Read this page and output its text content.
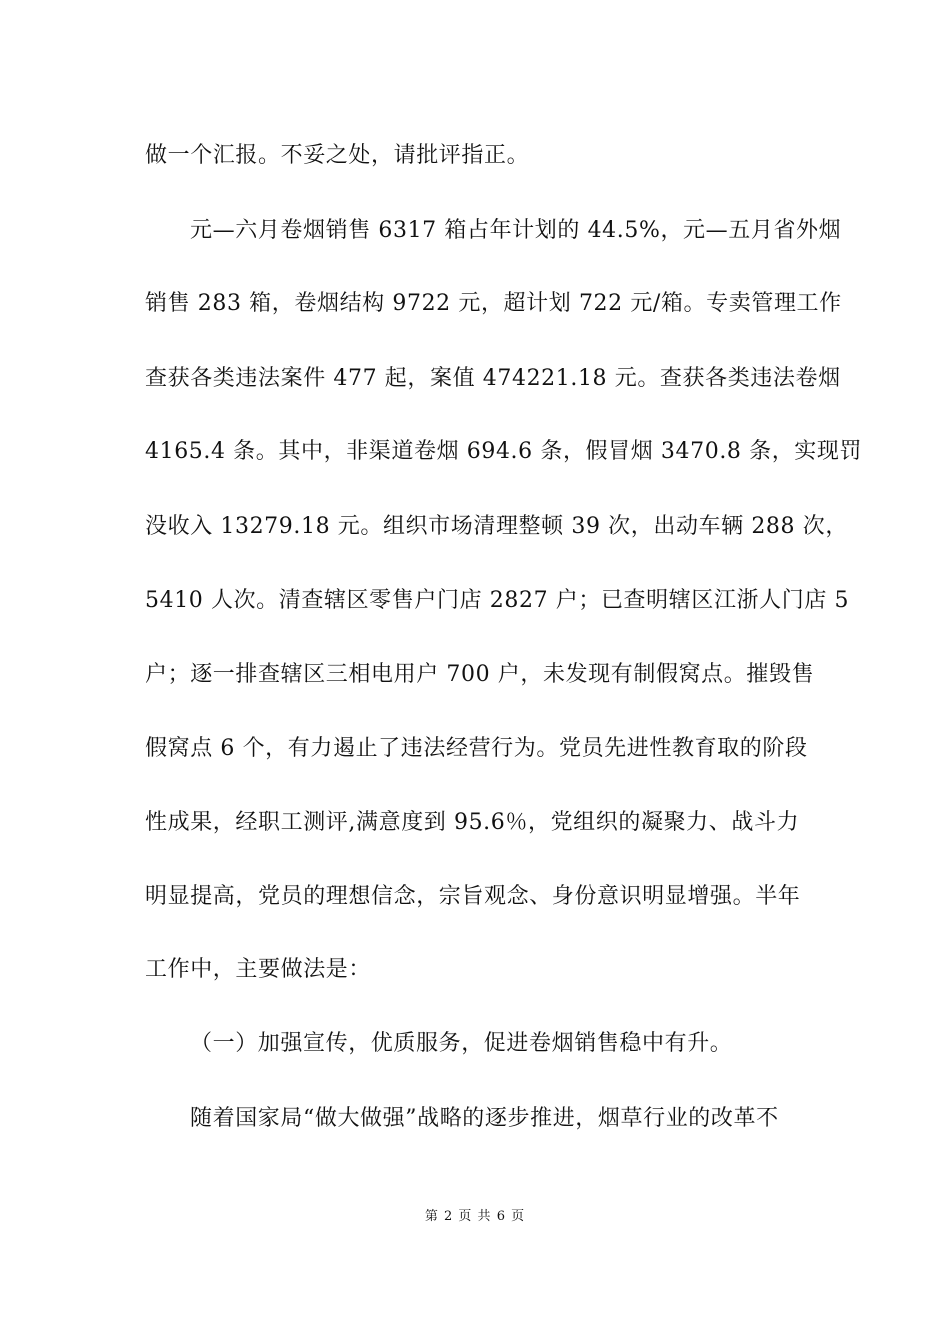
做一个汇报。不妥之处，请批评指正。
元—六月卷烟销售 6317 箱占年计划的 44.5%，元—五月省外烟
销售 283 箱，卷烟结构 9722 元，超计划 722 元/箱。专卖管理工作
查获各类违法案件 477 起，案值 474221.18 元。查获各类违法卷烟
4165.4 条。其中，非渠道卷烟 694.6 条，假冒烟 3470.8 条，实现罚
没收入 13279.18 元。组织市场清理整顿 39 次，出动车辆 288 次，
5410 人次。清查辖区零售户门店 2827 户；已查明辖区江浙人门店 5
户；逐一排查辖区三相电用户 700 户，未发现有制假窝点。摧毁售
假窝点 6 个，有力遏止了违法经营行为。党员先进性教育取的阶段
性成果，经职工测评,满意度到 95.6％，党组织的凝聚力、战斗力
明显提高，党员的理想信念，宗旨观念、身份意识明显增强。半年
工作中，主要做法是：
（一）加强宣传，优质服务，促进卷烟销售稳中有升。
随着国家局“做大做强”战略的逐步推进，烟草行业的改革不
第 2 页 共 6 页
